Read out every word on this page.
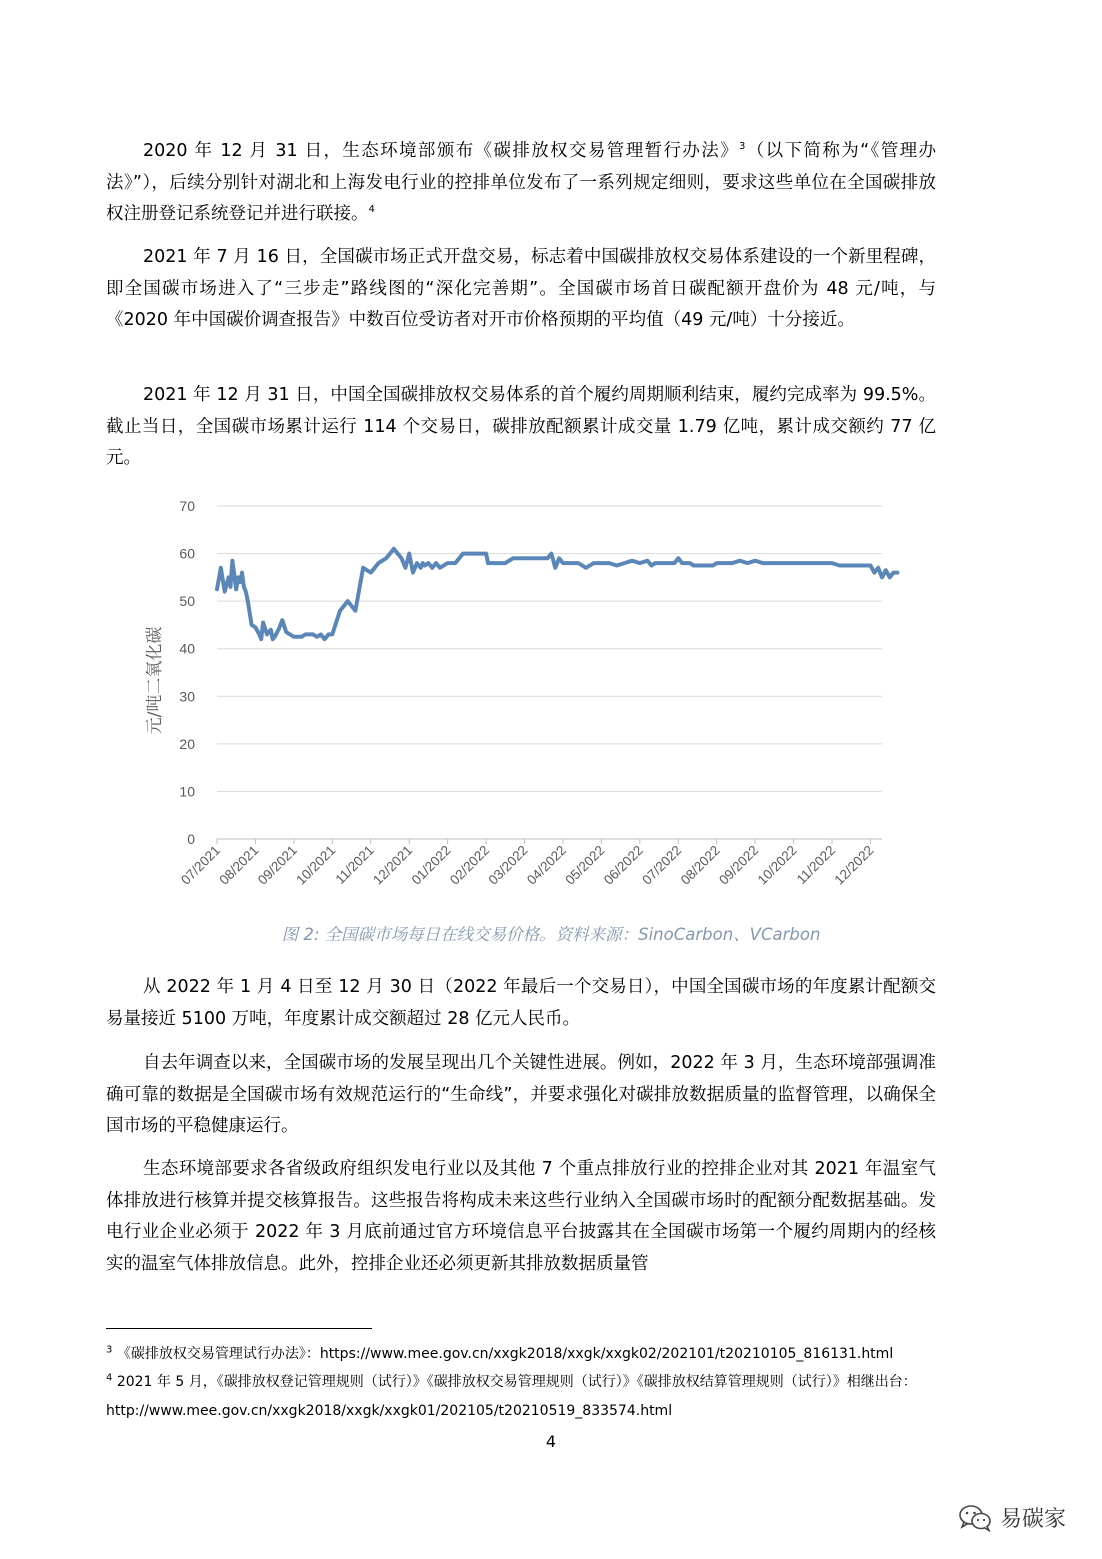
2020 年 12 月 31 日，生态环境部颁布《碳排放权交易管理暂行办法》$^3$（以下简称为“《管理办法》”），后续分别针对湖北和上海发电行业的控排单位发布了一系列规定细则，要求这些单位在全国碳排放权注册登记系统登记并进行联接。$^4$

2021 年 7 月 16 日，全国碳市场正式开盘交易，标志着中国碳排放权交易体系建设的一个新里程碑，即全国碳市场进入了“三步走”路线图的“深化完善期”。全国碳市场首日碳配额开盘价为 48 元/吨，与《2020 年中国碳价调查报告》中数百位受访者对开市价格预期的平均值（49 元/吨）十分接近。

2021 年 12 月 31 日，中国全国碳排放权交易体系的首个履约周期顺利结束，履约完成率为 99.5%。截止当日，全国碳市场累计运行 114 个交易日，碳排放配额累计成交量 1.79 亿吨，累计成交额约 77 亿元。

0
10
20
30
40
50
60
70
07/2021
08/2021
09/2021
10/2021
11/2021
12/2021
01/2022
02/2022
03/2022
04/2022
05/2022
06/2022
07/2022
08/2022
09/2022
10/2022
11/2022
12/2022
元/吨二氧化碳
图 2: 全国碳市场每日在线交易价格。资料来源：SinoCarbon、VCarbon

从 2022 年 1 月 4 日至 12 月 30 日（2022 年最后一个交易日），中国全国碳市场的年度累计配额交易量接近 5100 万吨，年度累计成交额超过 28 亿元人民币。

自去年调查以来，全国碳市场的发展呈现出几个关键性进展。例如，2022 年 3 月，生态环境部强调准确可靠的数据是全国碳市场有效规范运行的“生命线”，并要求强化对碳排放数据质量的监督管理，以确保全国市场的平稳健康运行。

生态环境部要求各省级政府组织发电行业以及其他 7 个重点排放行业的控排企业对其 2021 年温室气体排放进行核算并提交核算报告。这些报告将构成未来这些行业纳入全国碳市场时的配额分配数据基础。发电行业企业必须于 2022 年 3 月底前通过官方环境信息平台披露其在全国碳市场第一个履约周期内的经核实的温室气体排放信息。此外，控排企业还必须更新其排放数据质量管

$^3$ 《碳排放权交易管理试行办法》：https://www.mee.gov.cn/xxgk2018/xxgk/xxgk02/202101/t20210105_816131.html

$^4$ 2021 年 5 月，《碳排放权登记管理规则（试行）》《碳排放权交易管理规则（试行）》《碳排放权结算管理规则（试行）》相继出台： http://www.mee.gov.cn/xxgk2018/xxgk/xxgk01/202105/t20210519_833574.html

4
易碳家
